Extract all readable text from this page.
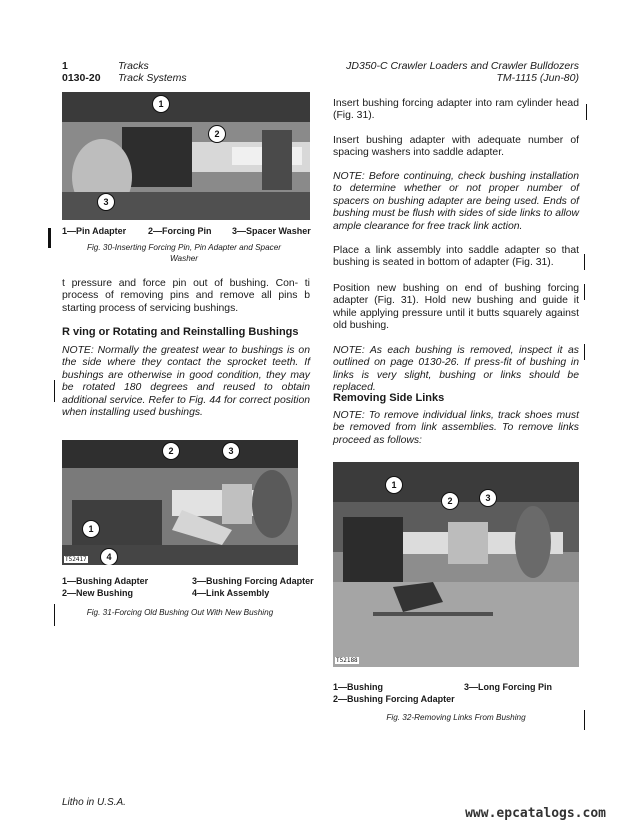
1
0130-20
Tracks
Track Systems
JD350-C Crawler Loaders and Crawler Bulldozers
TM-1115 (Jun-80)
1
2
3
1—Pin Adapter 2—Forcing Pin 3—Spacer Washer
Fig. 30-Inserting Forcing Pin, Pin Adapter and Spacer Washer
t pressure and force pin out of bushing. Con- ti process of removing pins and remove all pins b starting process of servicing bushings.
R ving or Rotating and Reinstalling Bushings
NOTE: Normally the greatest wear to bushings is on the side where they contact the sprocket teeth. If bushings are otherwise in good condition, they may be rotated 180 degrees and reused to obtain additional service. Refer to Fig. 44 for correct position when installing used bushings.
2	3
1
4
T52417
1—Bushing Adapter
2—New Bushing
3—Bushing Forcing Adapter
4—Link Assembly
Fig. 31-Forcing Old Bushing Out With New Bushing
Insert bushing forcing adapter into ram cylinder head (Fig. 31).
Insert bushing adapter with adequate number of spacing washers into saddle adapter.
NOTE: Before continuing, check bushing installation to determine whether or not proper number of spacers on bushing adapter are being used. Ends of bushing must be flush with sides of side links to allow ample clearance for free track link action.
Place a link assembly into saddle adapter so that bushing is seated in bottom of adapter (Fig. 31).
Position new bushing on end of bushing forcing adapter (Fig. 31). Hold new bushing and guide it while applying pressure until it butts squarely against old bushing.
NOTE: As each bushing is removed, inspect it as outlined on page 0130-26. If press-fit of bushing in links is very slight, bushing or links should be replaced.
Removing Side Links
NOTE: To remove individual links, track shoes must be removed from link assemblies. To remove links proceed as follows:
1
2	3
T52188
1—Bushing
2—Bushing Forcing Adapter
3—Long Forcing Pin
Fig. 32-Removing Links From Bushing
Litho in U.S.A.
www.epcatalogs.com
